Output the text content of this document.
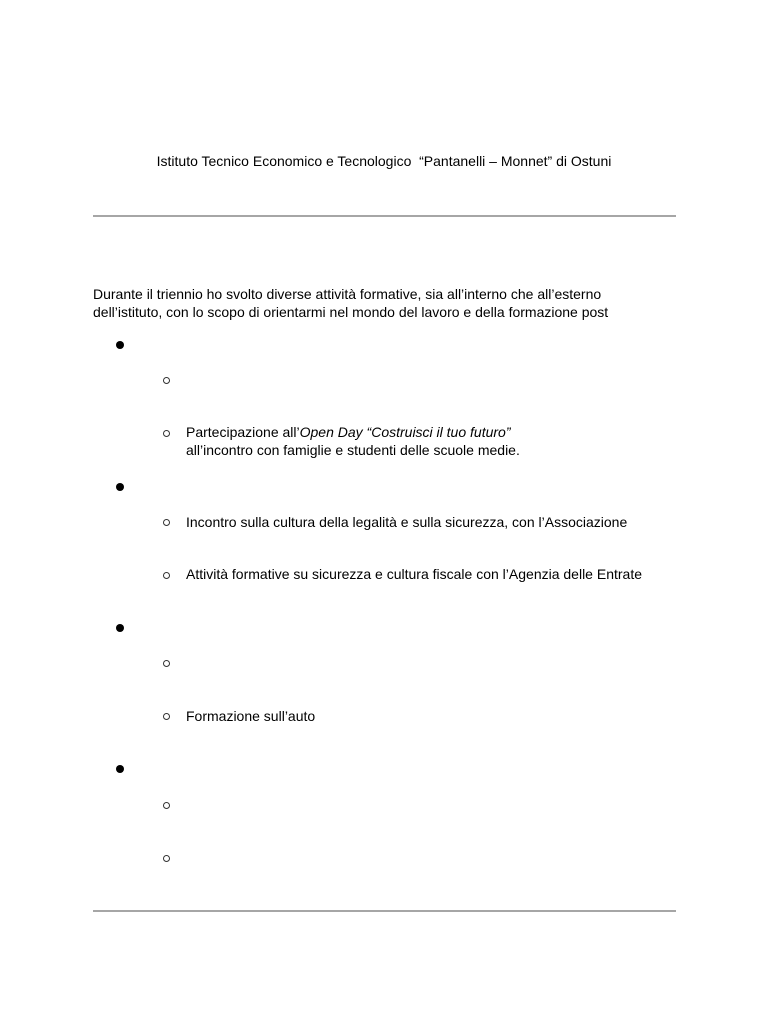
Istituto Tecnico Economico e Tecnologico  “Pantanelli – Monnet” di Ostuni
Durante il triennio ho svolto diverse attività formative, sia all’interno che all’esterno
dell’istituto, con lo scopo di orientarmi nel mondo del lavoro e della formazione post
Partecipazione all’Open Day “Costruisci il tuo futuro”
all’incontro con famiglie e studenti delle scuole medie.
Incontro sulla cultura della legalità e sulla sicurezza, con l’Associazione
Attività formative su sicurezza e cultura fiscale con l’Agenzia delle Entrate
Formazione sull’auto
